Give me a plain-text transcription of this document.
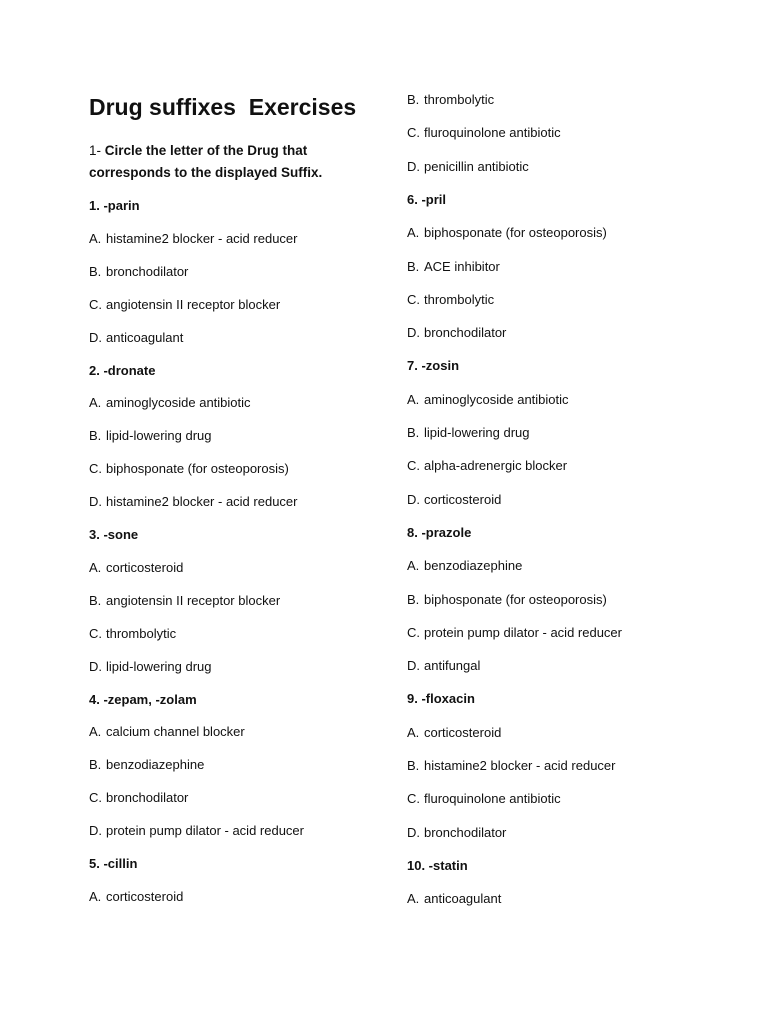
Drug suffixes  Exercises
1- Circle the letter of the Drug that corresponds to the displayed Suffix.
1. -parin
A. histamine2 blocker - acid reducer
B. bronchodilator
C. angiotensin II receptor blocker
D. anticoagulant
2. -dronate
A. aminoglycoside antibiotic
B. lipid-lowering drug
C. biphosponate (for osteoporosis)
D. histamine2 blocker - acid reducer
3. -sone
A. corticosteroid
B. angiotensin II receptor blocker
C. thrombolytic
D. lipid-lowering drug
4. -zepam, -zolam
A. calcium channel blocker
B. benzodiazephine
C. bronchodilator
D. protein pump dilator - acid reducer
5. -cillin
A. corticosteroid
B. thrombolytic
C. fluroquinolone antibiotic
D. penicillin antibiotic
6. -pril
A. biphosponate (for osteoporosis)
B. ACE inhibitor
C. thrombolytic
D. bronchodilator
7. -zosin
A. aminoglycoside antibiotic
B. lipid-lowering drug
C. alpha-adrenergic blocker
D. corticosteroid
8. -prazole
A. benzodiazephine
B. biphosponate (for osteoporosis)
C. protein pump dilator - acid reducer
D. antifungal
9. -floxacin
A. corticosteroid
B. histamine2 blocker - acid reducer
C. fluroquinolone antibiotic
D. bronchodilator
10. -statin
A. anticoagulant
